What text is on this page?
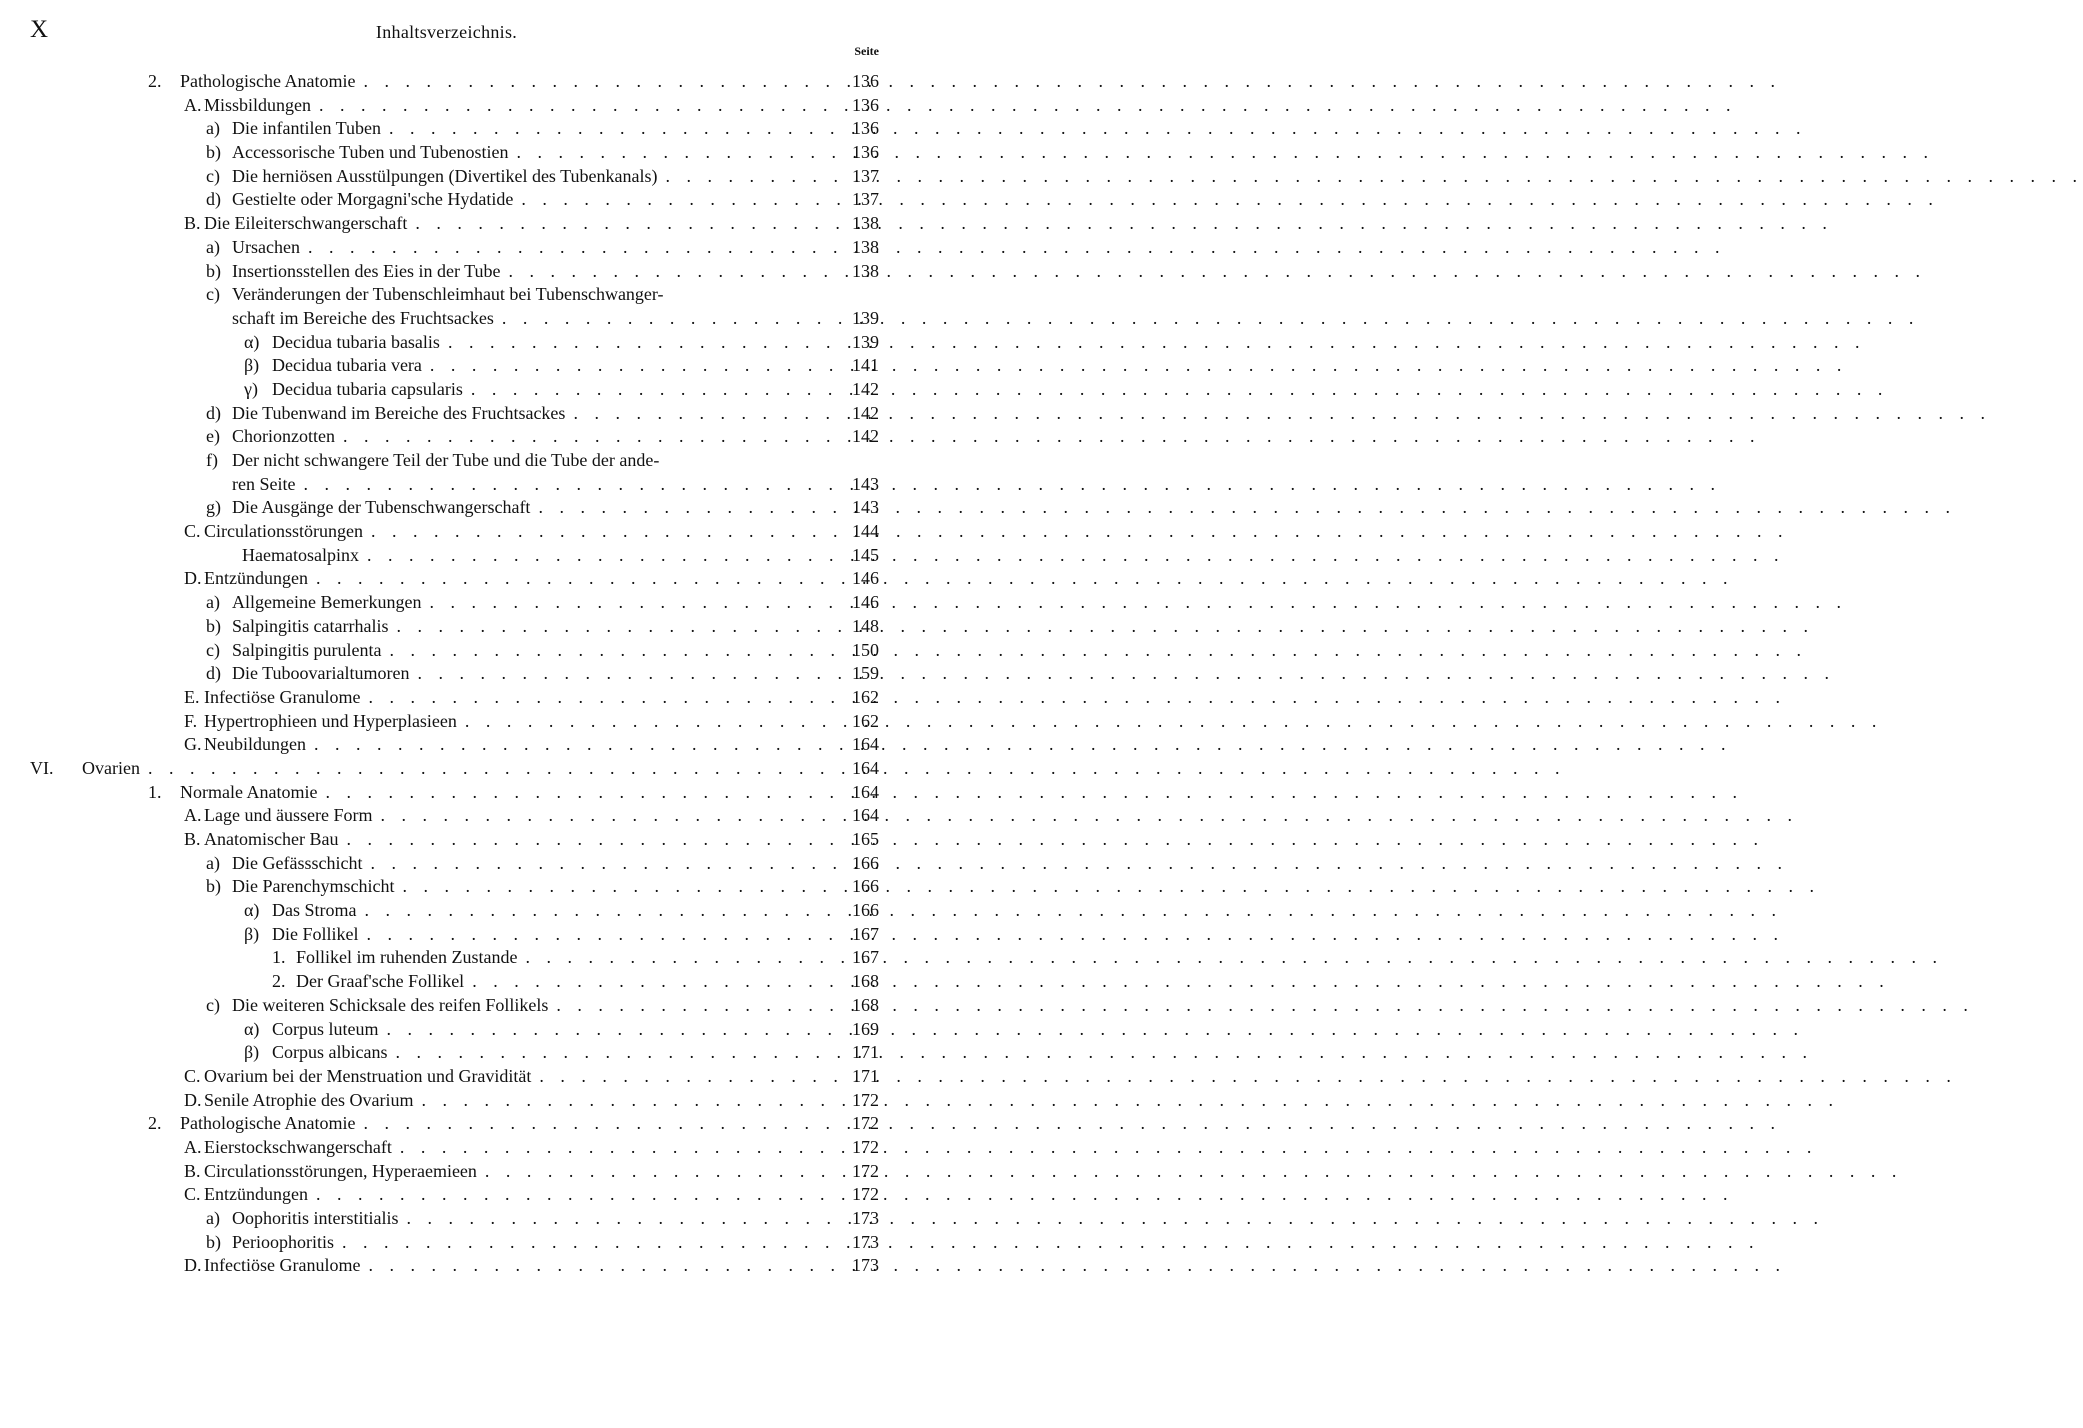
X	Inhaltsverzeichnis.
Seite
2.	Pathologische Anatomie . . .	136
A. Missbildungen . . .	136
a) Die infantilen Tuben . . .	136
b) Accessorische Tuben und Tubenostien . . .	136
c) Die herniösen Ausstülpungen (Divertikel des Tubenkanals) . . .	137
d) Gestielte oder Morgagni'sche Hydatide . . .	137
B. Die Eileiterschwangerschaft . . .	138
a) Ursachen . . .	138
b) Insertionsstellen des Eies in der Tube . . .	138
c) Veränderungen der Tubenschleimhaut bei Tubenschwanger-
schaft im Bereiche des Fruchtsackes . . .	139
α) Decidua tubaria basalis . . .	139
β) Decidua tubaria vera . . .	141
γ) Decidua tubaria capsularis . . .	142
d) Die Tubenwand im Bereiche des Fruchtsackes . . .	142
e) Chorionzotten . . .	142
f) Der nicht schwangere Teil der Tube und die Tube der ande-
ren Seite . . .	143
g) Die Ausgänge der Tubenschwangerschaft . . .	143
C. Circulationsstörungen . . .	144
Haematosalpinx . . .	145
D. Entzündungen . . .	146
a) Allgemeine Bemerkungen . . .	146
b) Salpingitis catarrhalis . . .	148
c) Salpingitis purulenta . . .	150
d) Die Tuboovarialtumoren . . .	159
E. Infectiöse Granulome . . .	162
F. Hypertrophieen und Hyperplasieen . . .	162
G. Neubildungen . . .	164
VI.	Ovarien . . .	164
1.	Normale Anatomie . . .	164
A. Lage und äussere Form . . .	164
B. Anatomischer Bau . . .	165
a) Die Gefässschicht . . .	166
b) Die Parenchymschicht . . .	166
α) Das Stroma . . .	166
β) Die Follikel . . .	167
1. Follikel im ruhenden Zustande . . .	167
2. Der Graaf'sche Follikel . . .	168
c) Die weiteren Schicksale des reifen Follikels . . .	168
α) Corpus luteum . . .	169
β) Corpus albicans . . .	171
C. Ovarium bei der Menstruation und Gravidität . . .	171
D. Senile Atrophie des Ovarium . . .	172
2.	Pathologische Anatomie . . .	172
A. Eierstockschwangerschaft . . .	172
B. Circulationsstörungen, Hyperaemieen . . .	172
C. Entzündungen . . .	172
a) Oophoritis interstitialis . . .	173
b) Perioophoritis . . .	173
D. Infectiöse Granulome . . .	173
